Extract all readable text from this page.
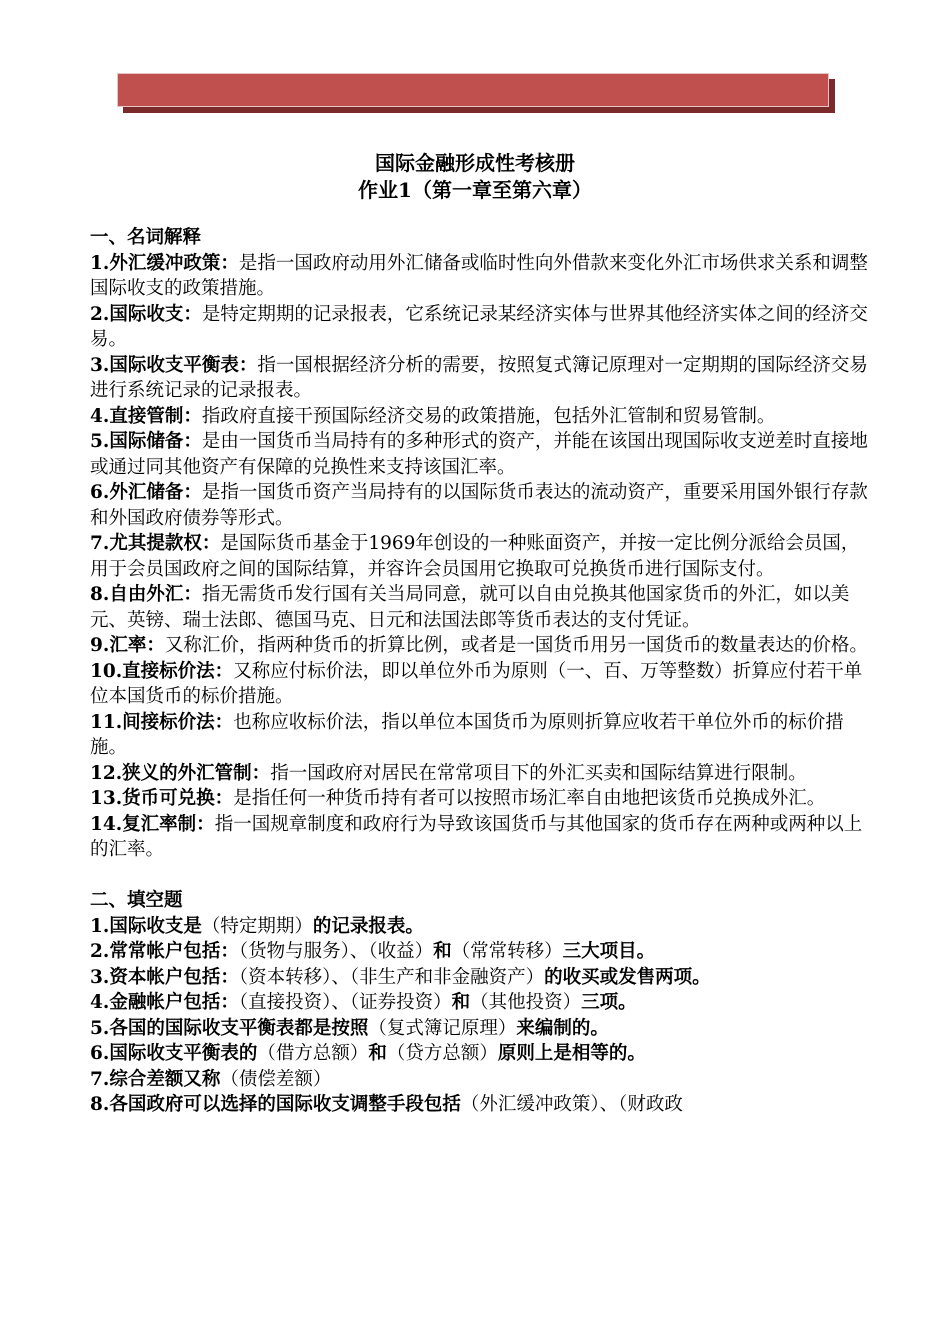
国际金融形成性考核册
作业1（第一章至第六章）

一、名词解释

1.外汇缓冲政策：是指一国政府动用外汇储备或临时性向外借款来变化外汇市场供求关系和调整国际收支的政策措施。

2.国际收支：是特定期期的记录报表，它系统记录某经济实体与世界其他经济实体之间的经济交易。

3.国际收支平衡表：指一国根据经济分析的需要，按照复式簿记原理对一定期期的国际经济交易进行系统记录的记录报表。

4.直接管制：指政府直接干预国际经济交易的政策措施，包括外汇管制和贸易管制。

5.国际储备：是由一国货币当局持有的多种形式的资产，并能在该国出现国际收支逆差时直接地或通过同其他资产有保障的兑换性来支持该国汇率。

6.外汇储备：是指一国货币资产当局持有的以国际货币表达的流动资产，重要采用国外银行存款和外国政府债券等形式。

7.尤其提款权：是国际货币基金于1969年创设的一种账面资产，并按一定比例分派给会员国，用于会员国政府之间的国际结算，并容许会员国用它换取可兑换货币进行国际支付。

8.自由外汇：指无需货币发行国有关当局同意，就可以自由兑换其他国家货币的外汇，如以美元、英镑、瑞士法郎、德国马克、日元和法国法郎等货币表达的支付凭证。

9.汇率：又称汇价，指两种货币的折算比例，或者是一国货币用另一国货币的数量表达的价格。

10.直接标价法：又称应付标价法，即以单位外币为原则（一、百、万等整数）折算应付若干单位本国货币的标价措施。

11.间接标价法：也称应收标价法，指以单位本国货币为原则折算应收若干单位外币的标价措施。

12.狭义的外汇管制：指一国政府对居民在常常项目下的外汇买卖和国际结算进行限制。

13.货币可兑换：是指任何一种货币持有者可以按照市场汇率自由地把该货币兑换成外汇。

14.复汇率制：指一国规章制度和政府行为导致该国货币与其他国家的货币存在两种或两种以上的汇率。

二、填空题

1.国际收支是（特定期期）的记录报表。

2.常常帐户包括：（货物与服务）、（收益）和（常常转移）三大项目。

3.资本帐户包括：（资本转移）、（非生产和非金融资产）的收买或发售两项。

4.金融帐户包括：（直接投资）、（证券投资）和（其他投资）三项。

5.各国的国际收支平衡表都是按照（复式簿记原理）来编制的。

6.国际收支平衡表的（借方总额）和（贷方总额）原则上是相等的。

7.综合差额又称（债偿差额）

8.各国政府可以选择的国际收支调整手段包括（外汇缓冲政策）、（财政政
